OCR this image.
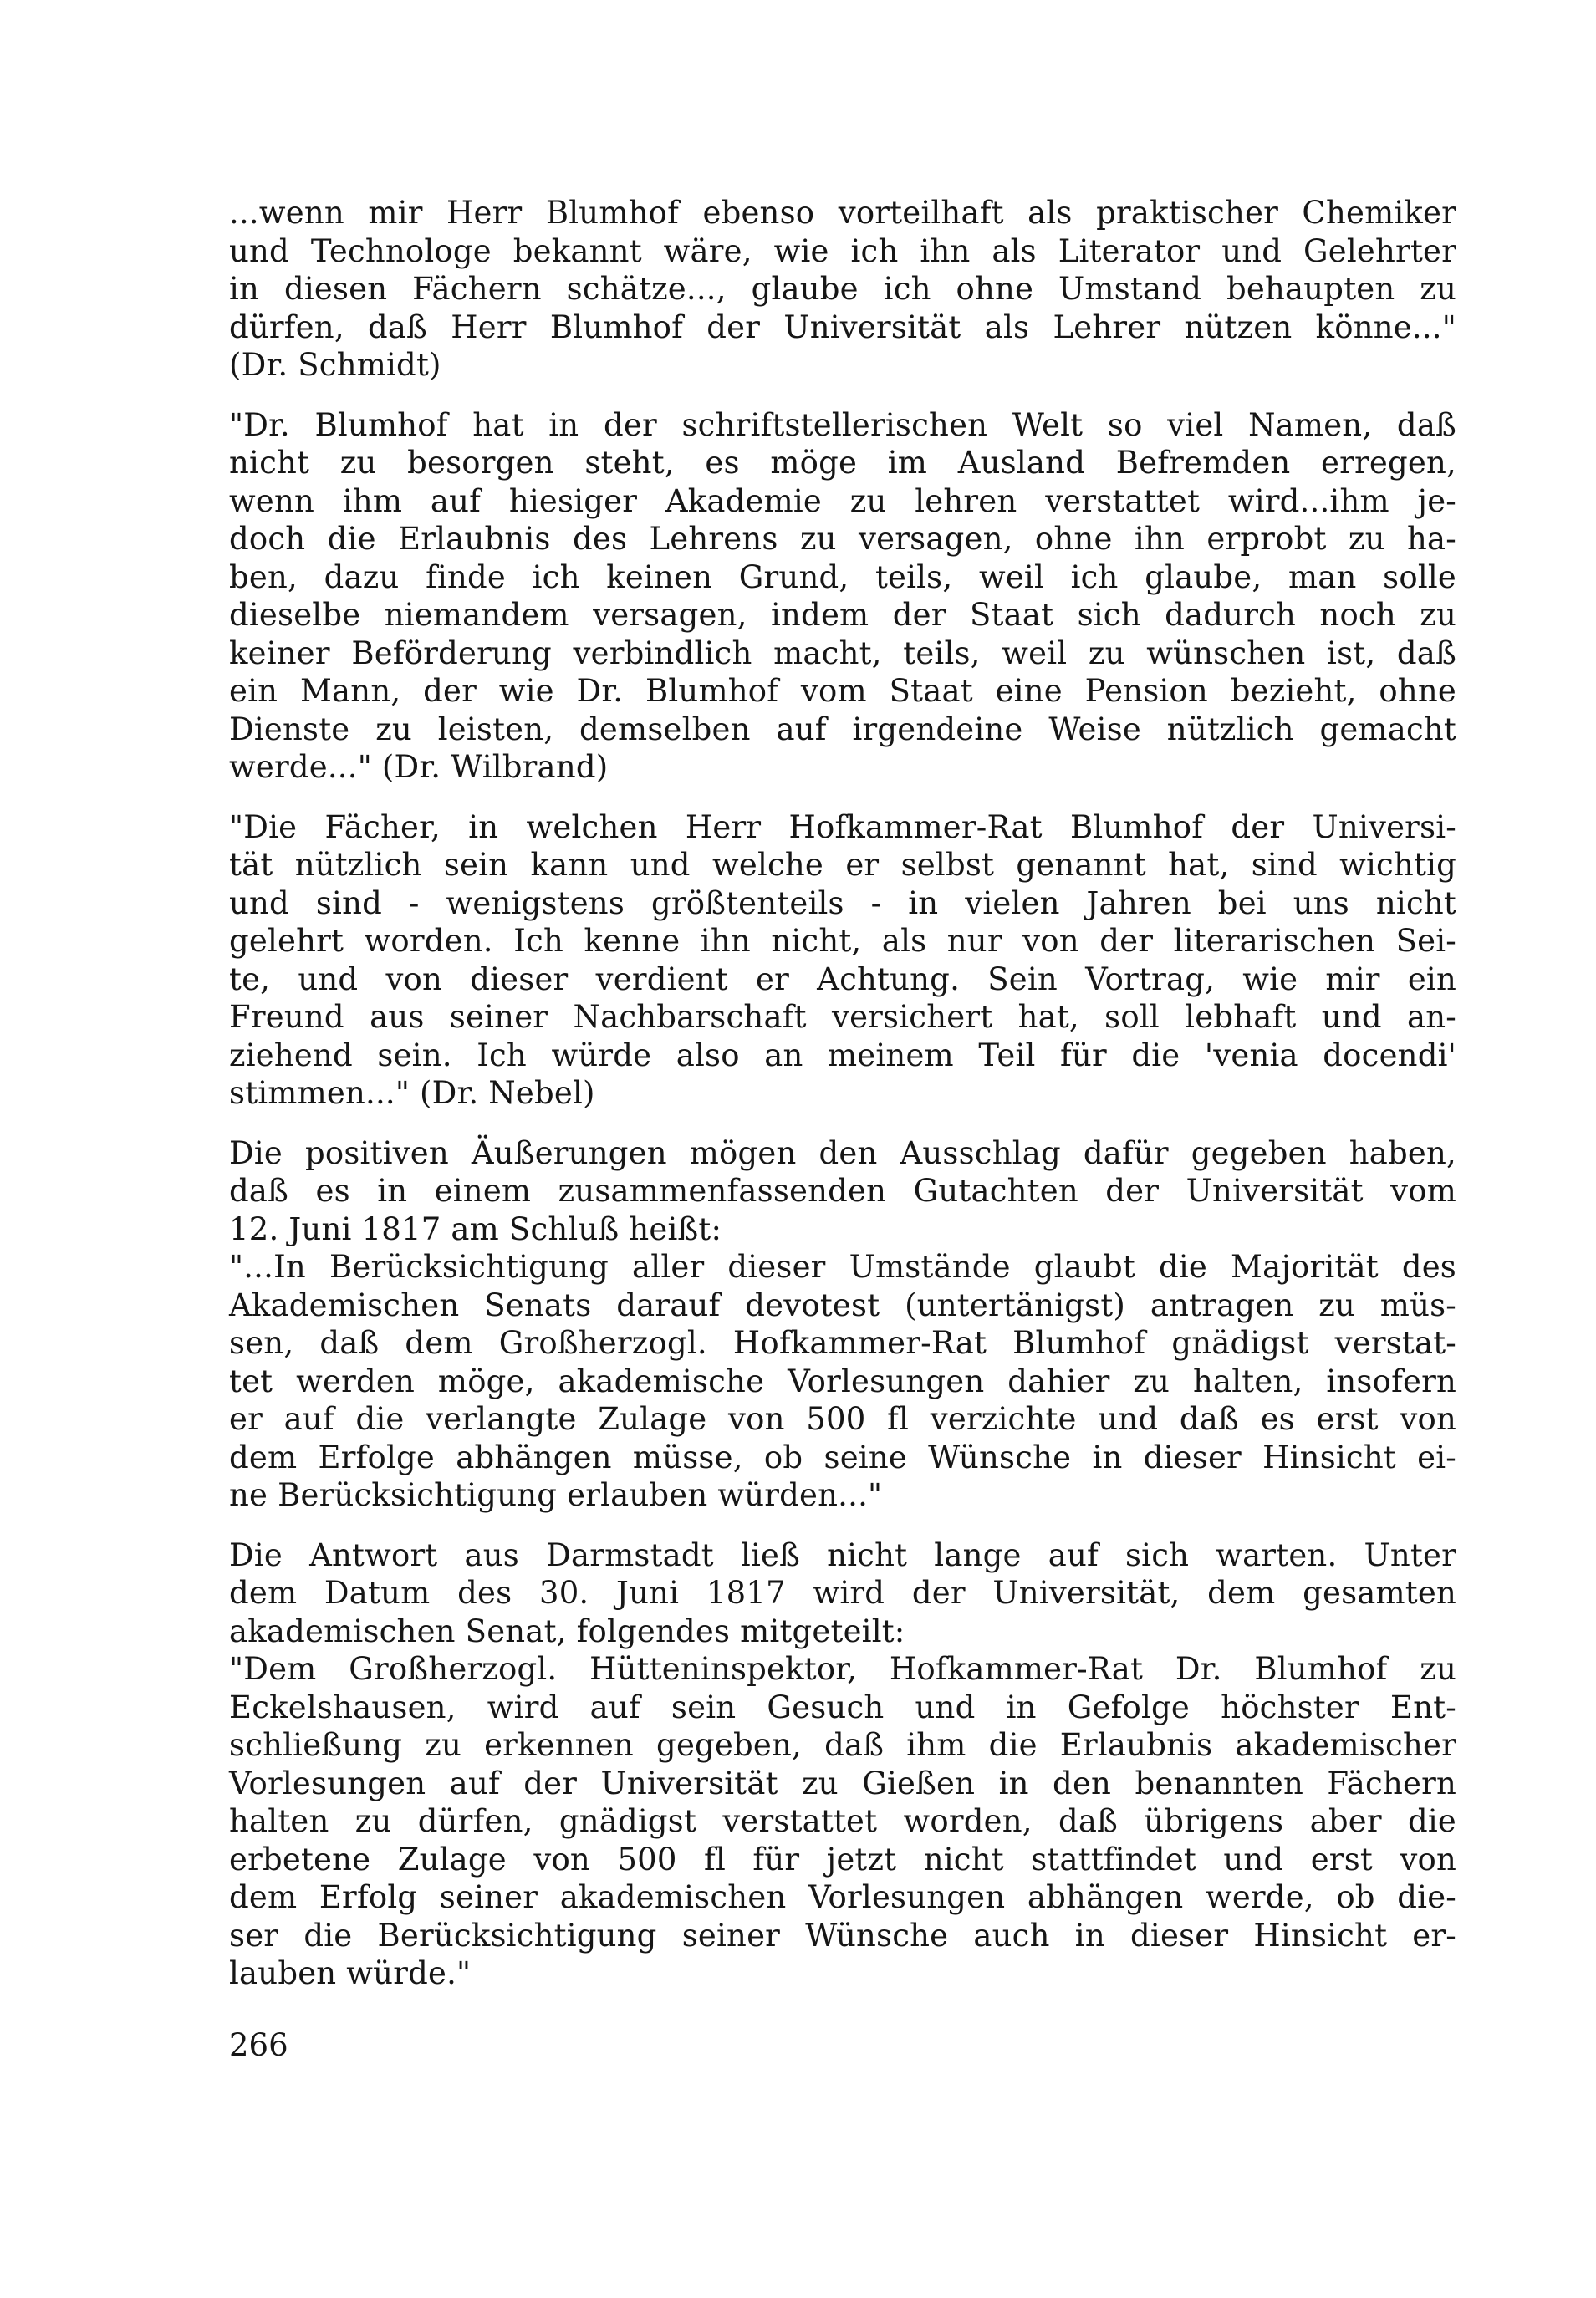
...wenn mir Herr Blumhof ebenso vorteilhaft als praktischer Chemiker
und Technologe bekannt wäre, wie ich ihn als Literator und Gelehrter
in diesen Fächern schätze..., glaube ich ohne Umstand behaupten zu
dürfen, daß Herr Blumhof der Universität als Lehrer nützen könne..."
(Dr. Schmidt)
"Dr. Blumhof hat in der schriftstellerischen Welt so viel Namen, daß
nicht zu besorgen steht, es möge im Ausland Befremden erregen,
wenn ihm auf hiesiger Akademie zu lehren verstattet wird...ihm je-
doch die Erlaubnis des Lehrens zu versagen, ohne ihn erprobt zu ha-
ben, dazu finde ich keinen Grund, teils, weil ich glaube, man solle
dieselbe niemandem versagen, indem der Staat sich dadurch noch zu
keiner Beförderung verbindlich macht, teils, weil zu wünschen ist, daß
ein Mann, der wie Dr. Blumhof vom Staat eine Pension bezieht, ohne
Dienste zu leisten, demselben auf irgendeine Weise nützlich gemacht
werde..." (Dr. Wilbrand)
"Die Fächer, in welchen Herr Hofkammer-Rat Blumhof der Universi-
tät nützlich sein kann und welche er selbst genannt hat, sind wichtig
und sind - wenigstens größtenteils - in vielen Jahren bei uns nicht
gelehrt worden. Ich kenne ihn nicht, als nur von der literarischen Sei-
te, und von dieser verdient er Achtung. Sein Vortrag, wie mir ein
Freund aus seiner Nachbarschaft versichert hat, soll lebhaft und an-
ziehend sein. Ich würde also an meinem Teil für die 'venia docendi'
stimmen..." (Dr. Nebel)
Die positiven Äußerungen mögen den Ausschlag dafür gegeben haben,
daß es in einem zusammenfassenden Gutachten der Universität vom
12. Juni 1817 am Schluß heißt:
"...In Berücksichtigung aller dieser Umstände glaubt die Majorität des
Akademischen Senats darauf devotest (untertänigst) antragen zu müs-
sen, daß dem Großherzogl. Hofkammer-Rat Blumhof gnädigst verstat-
tet werden möge, akademische Vorlesungen dahier zu halten, insofern
er auf die verlangte Zulage von 500 fl verzichte und daß es erst von
dem Erfolge abhängen müsse, ob seine Wünsche in dieser Hinsicht ei-
ne Berücksichtigung erlauben würden..."
Die Antwort aus Darmstadt ließ nicht lange auf sich warten. Unter
dem Datum des 30. Juni 1817 wird der Universität, dem gesamten
akademischen Senat, folgendes mitgeteilt:
"Dem Großherzogl. Hütteninspektor, Hofkammer-Rat Dr. Blumhof zu
Eckelshausen, wird auf sein Gesuch und in Gefolge höchster Ent-
schließung zu erkennen gegeben, daß ihm die Erlaubnis akademischer
Vorlesungen auf der Universität zu Gießen in den benannten Fächern
halten zu dürfen, gnädigst verstattet worden, daß übrigens aber die
erbetene Zulage von 500 fl für jetzt nicht stattfindet und erst von
dem Erfolg seiner akademischen Vorlesungen abhängen werde, ob die-
ser die Berücksichtigung seiner Wünsche auch in dieser Hinsicht er-
lauben würde."
266
